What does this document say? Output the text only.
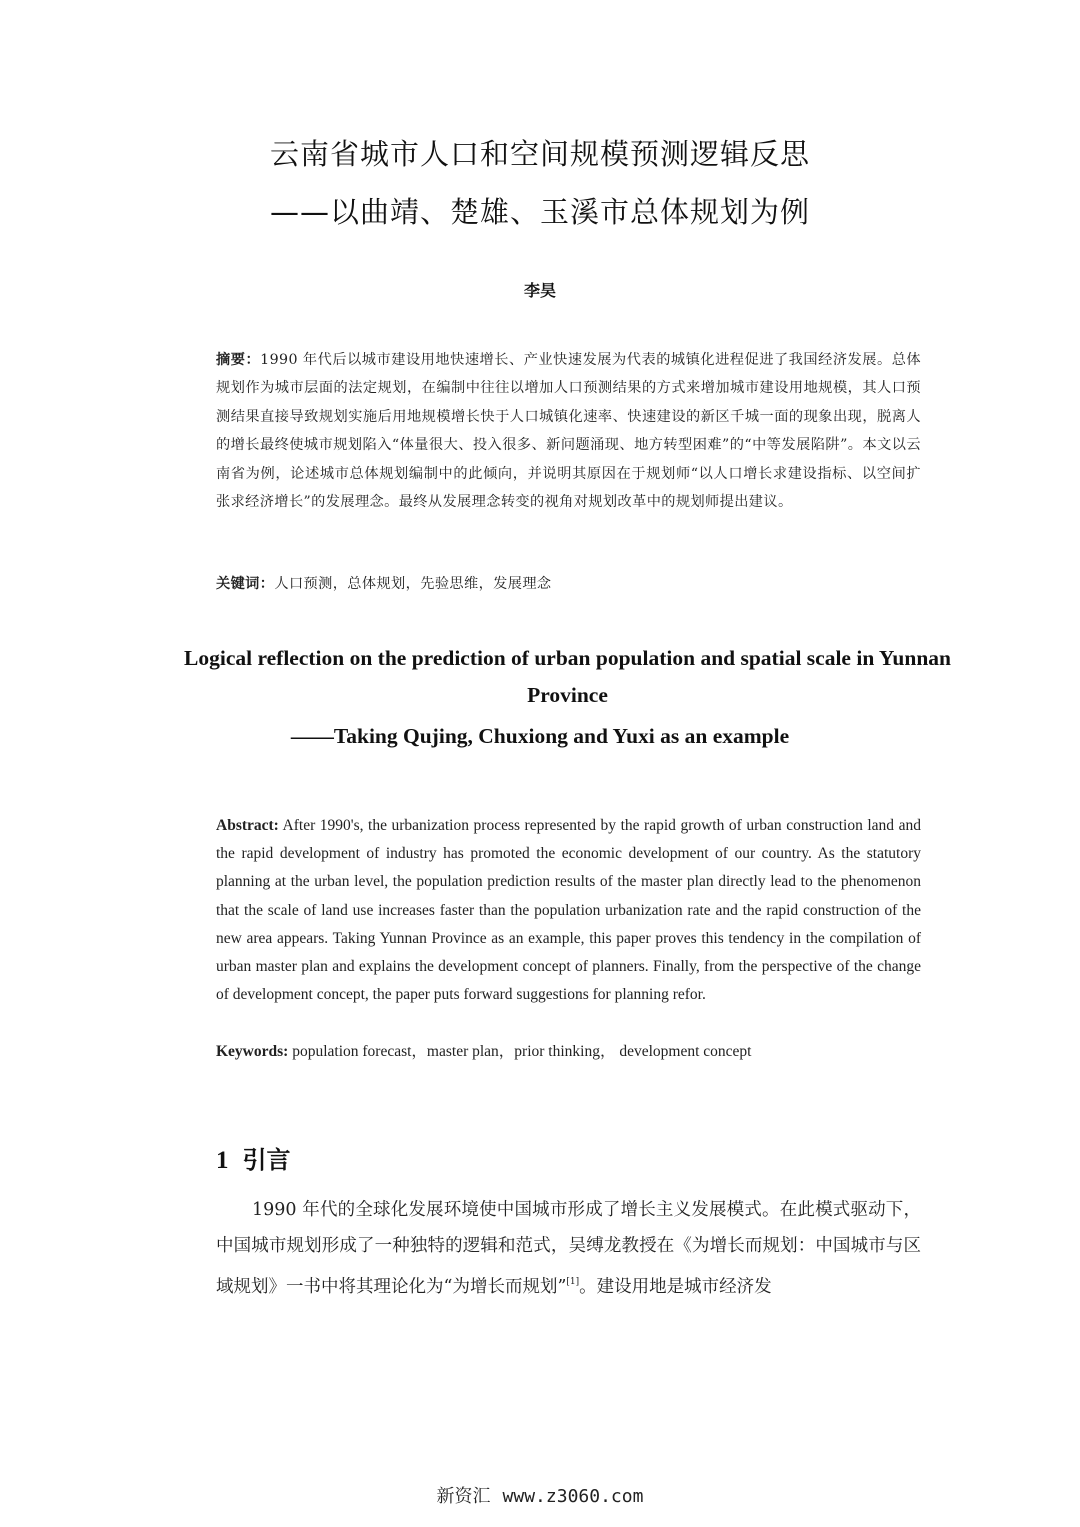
云南省城市人口和空间规模预测逻辑反思
——以曲靖、楚雄、玉溪市总体规划为例
李昊
摘要：1990 年代后以城市建设用地快速增长、产业快速发展为代表的城镇化进程促进了我国经济发展。总体规划作为城市层面的法定规划，在编制中往往以增加人口预测结果的方式来增加城市建设用地规模，其人口预测结果直接导致规划实施后用地规模增长快于人口城镇化速率、快速建设的新区千城一面的现象出现，脱离人的增长最终使城市规划陷入“体量很大、投入很多、新问题涌现、地方转型困难”的“中等发展陷阱”。本文以云南省为例，论述城市总体规划编制中的此倾向，并说明其原因在于规划师“以人口增长求建设指标、以空间扩张求经济增长”的发展理念。最终从发展理念转变的视角对规划改革中的规划师提出建议。
关键词：人口预测，总体规划，先验思维，发展理念
Logical reflection on the prediction of urban population and spatial scale in Yunnan Province
——Taking Qujing, Chuxiong and Yuxi as an example
Abstract: After 1990's, the urbanization process represented by the rapid growth of urban construction land and the rapid development of industry has promoted the economic development of our country. As the statutory planning at the urban level, the population prediction results of the master plan directly lead to the phenomenon that the scale of land use increases faster than the population urbanization rate and the rapid construction of the new area appears. Taking Yunnan Province as an example, this paper proves this tendency in the compilation of urban master plan and explains the development concept of planners. Finally, from the perspective of the change of development concept, the paper puts forward suggestions for planning refor.
Keywords: population forecast，master plan，prior thinking， development concept
1 引言
1990 年代的全球化发展环境使中国城市形成了增长主义发展模式。在此模式驱动下，中国城市规划形成了一种独特的逻辑和范式，吴缚龙教授在《为增长而规划：中国城市与区域规划》一书中将其理论化为“为增长而规划”[1]。建设用地是城市经济发
新资汇 www.z3060.com
